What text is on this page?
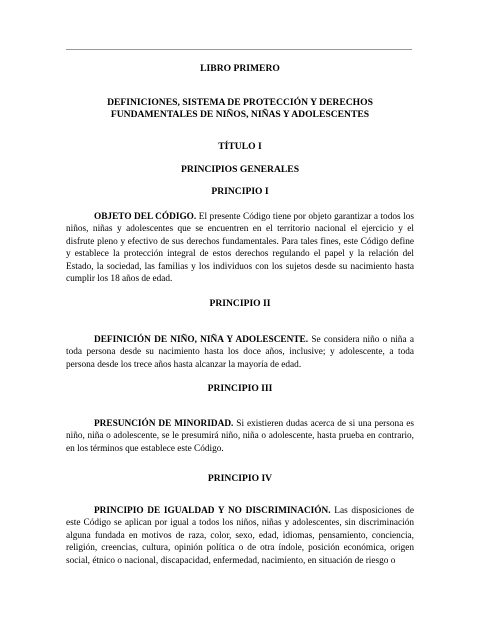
LIBRO PRIMERO

DEFINICIONES, SISTEMA DE PROTECCIÓN Y DERECHOS

FUNDAMENTALES DE NIÑOS, NIÑAS Y ADOLESCENTES

TÍTULO I

PRINCIPIOS GENERALES

PRINCIPIO I

OBJETO DEL CÓDIGO. El presente Código tiene por objeto garantizar a todos los niños, niñas y adolescentes que se encuentren en el territorio nacional el ejercicio y el disfrute pleno y efectivo de sus derechos fundamentales. Para tales fines, este Código define y establece la protección integral de estos derechos regulando el papel y la relación del Estado, la sociedad, las familias y los individuos con los sujetos desde su nacimiento hasta cumplir los 18 años de edad.

PRINCIPIO II

DEFINICIÓN DE NIÑO, NIÑA Y ADOLESCENTE. Se considera niño o niña a toda persona desde su nacimiento hasta los doce años, inclusive; y adolescente, a toda persona desde los trece años hasta alcanzar la mayoría de edad.

PRINCIPIO III

PRESUNCIÓN DE MINORIDAD. Si existieren dudas acerca de si una persona es niño, niña o adolescente, se le presumirá niño, niña o adolescente, hasta prueba en contrario, en los términos que establece este Código.

PRINCIPIO IV

PRINCIPIO DE IGUALDAD Y NO DISCRIMINACIÓN. Las disposiciones de este Código se aplican por igual a todos los niños, niñas y adolescentes, sin discriminación alguna fundada en motivos de raza, color, sexo, edad, idiomas, pensamiento, conciencia, religión, creencias, cultura, opinión política o de otra índole, posición económica, origen social, étnico o nacional, discapacidad, enfermedad, nacimiento, en situación de riesgo o
